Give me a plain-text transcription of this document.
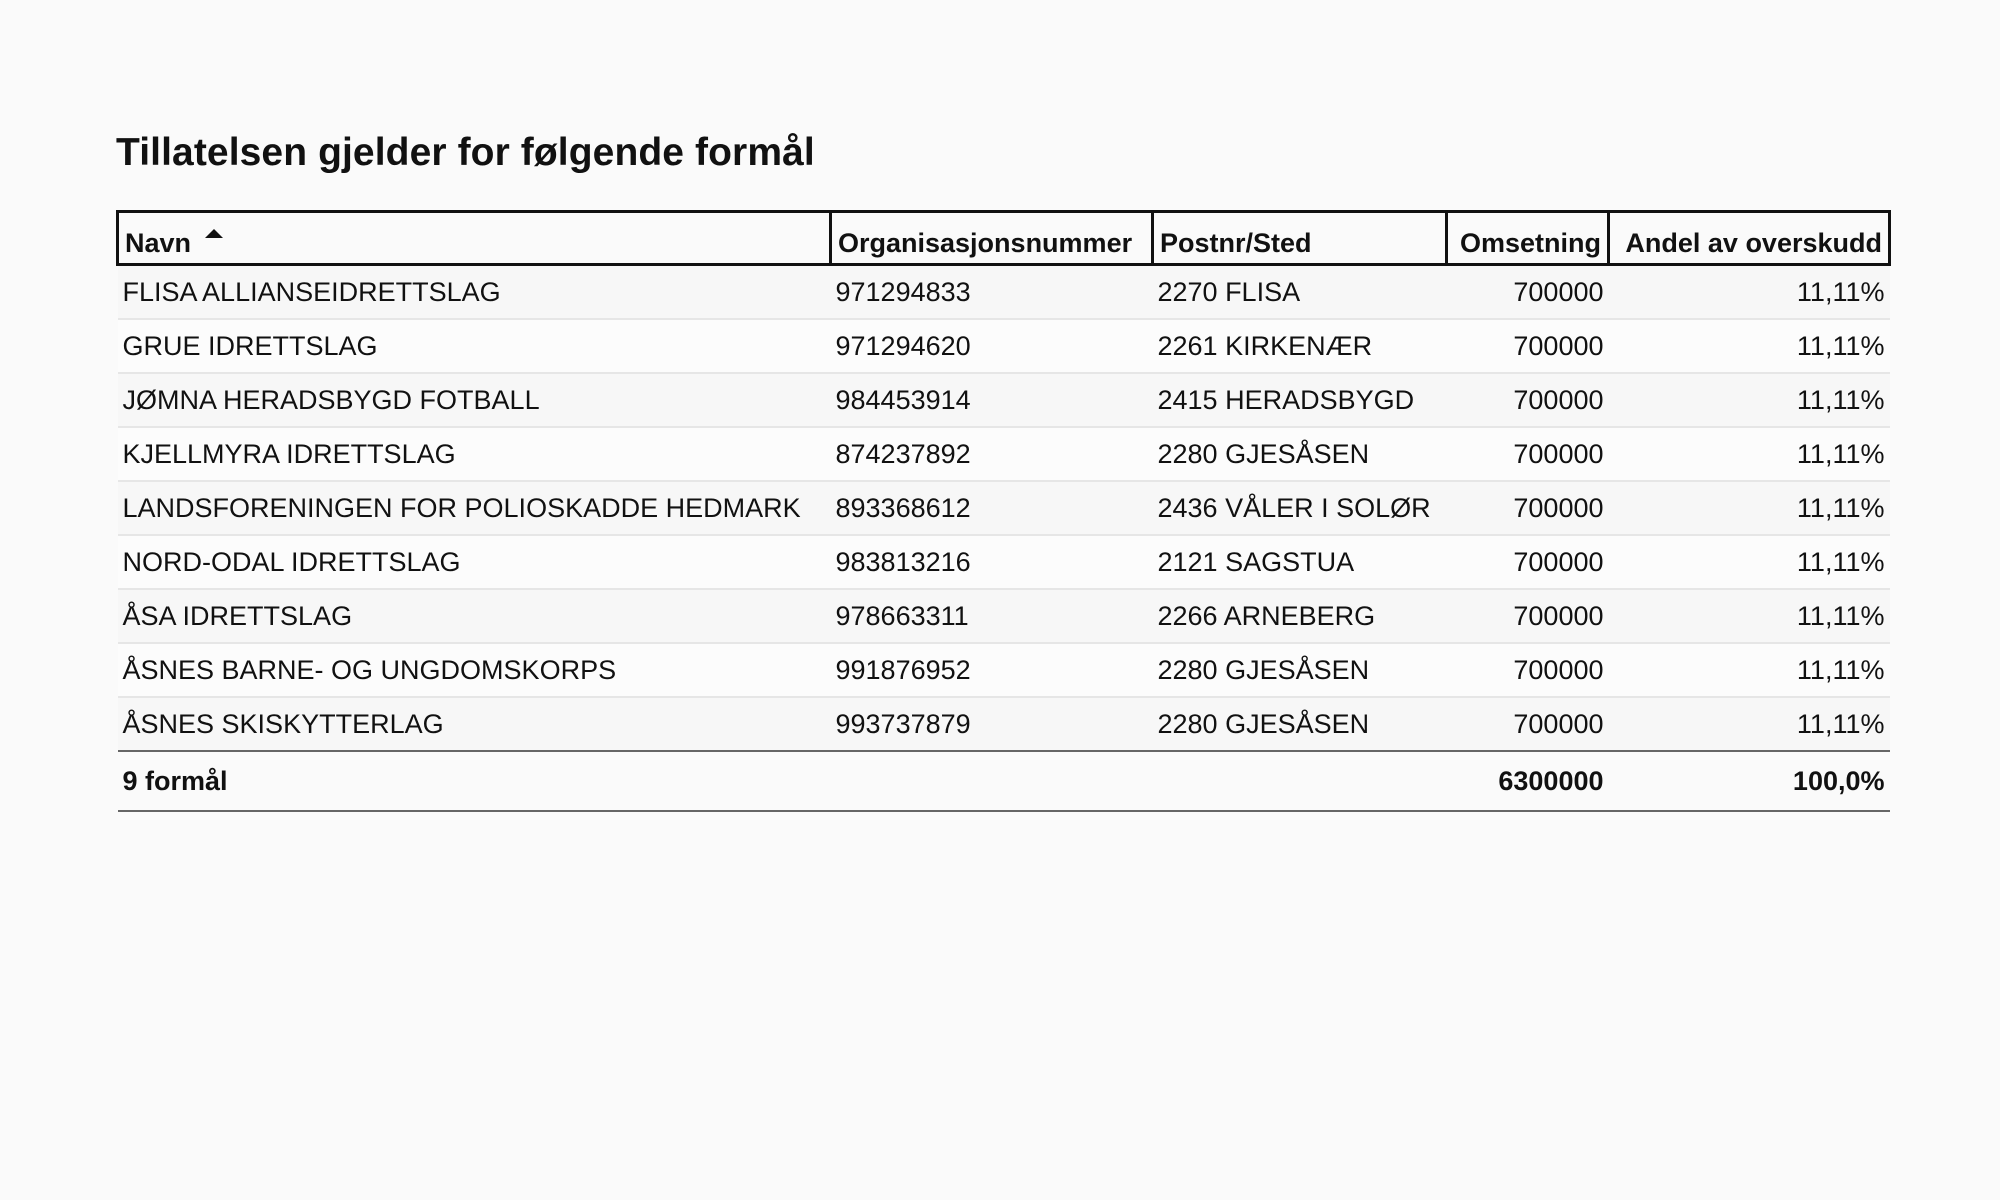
Tillatelsen gjelder for følgende formål
Navn	Organisasjonsnummer	Postnr/Sted	Omsetning	Andel av overskudd
FLISA ALLIANSEIDRETTSLAG	971294833	2270 FLISA	700000	11,11%
GRUE IDRETTSLAG	971294620	2261 KIRKENÆR	700000	11,11%
JØMNA HERADSBYGD FOTBALL	984453914	2415 HERADSBYGD	700000	11,11%
KJELLMYRA IDRETTSLAG	874237892	2280 GJESÅSEN	700000	11,11%
LANDSFORENINGEN FOR POLIOSKADDE HEDMARK	893368612	2436 VÅLER I SOLØR	700000	11,11%
NORD-ODAL IDRETTSLAG	983813216	2121 SAGSTUA	700000	11,11%
ÅSA IDRETTSLAG	978663311	2266 ARNEBERG	700000	11,11%
ÅSNES BARNE- OG UNGDOMSKORPS	991876952	2280 GJESÅSEN	700000	11,11%
ÅSNES SKISKYTTERLAG	993737879	2280 GJESÅSEN	700000	11,11%
9 formål			6300000	100,0%
